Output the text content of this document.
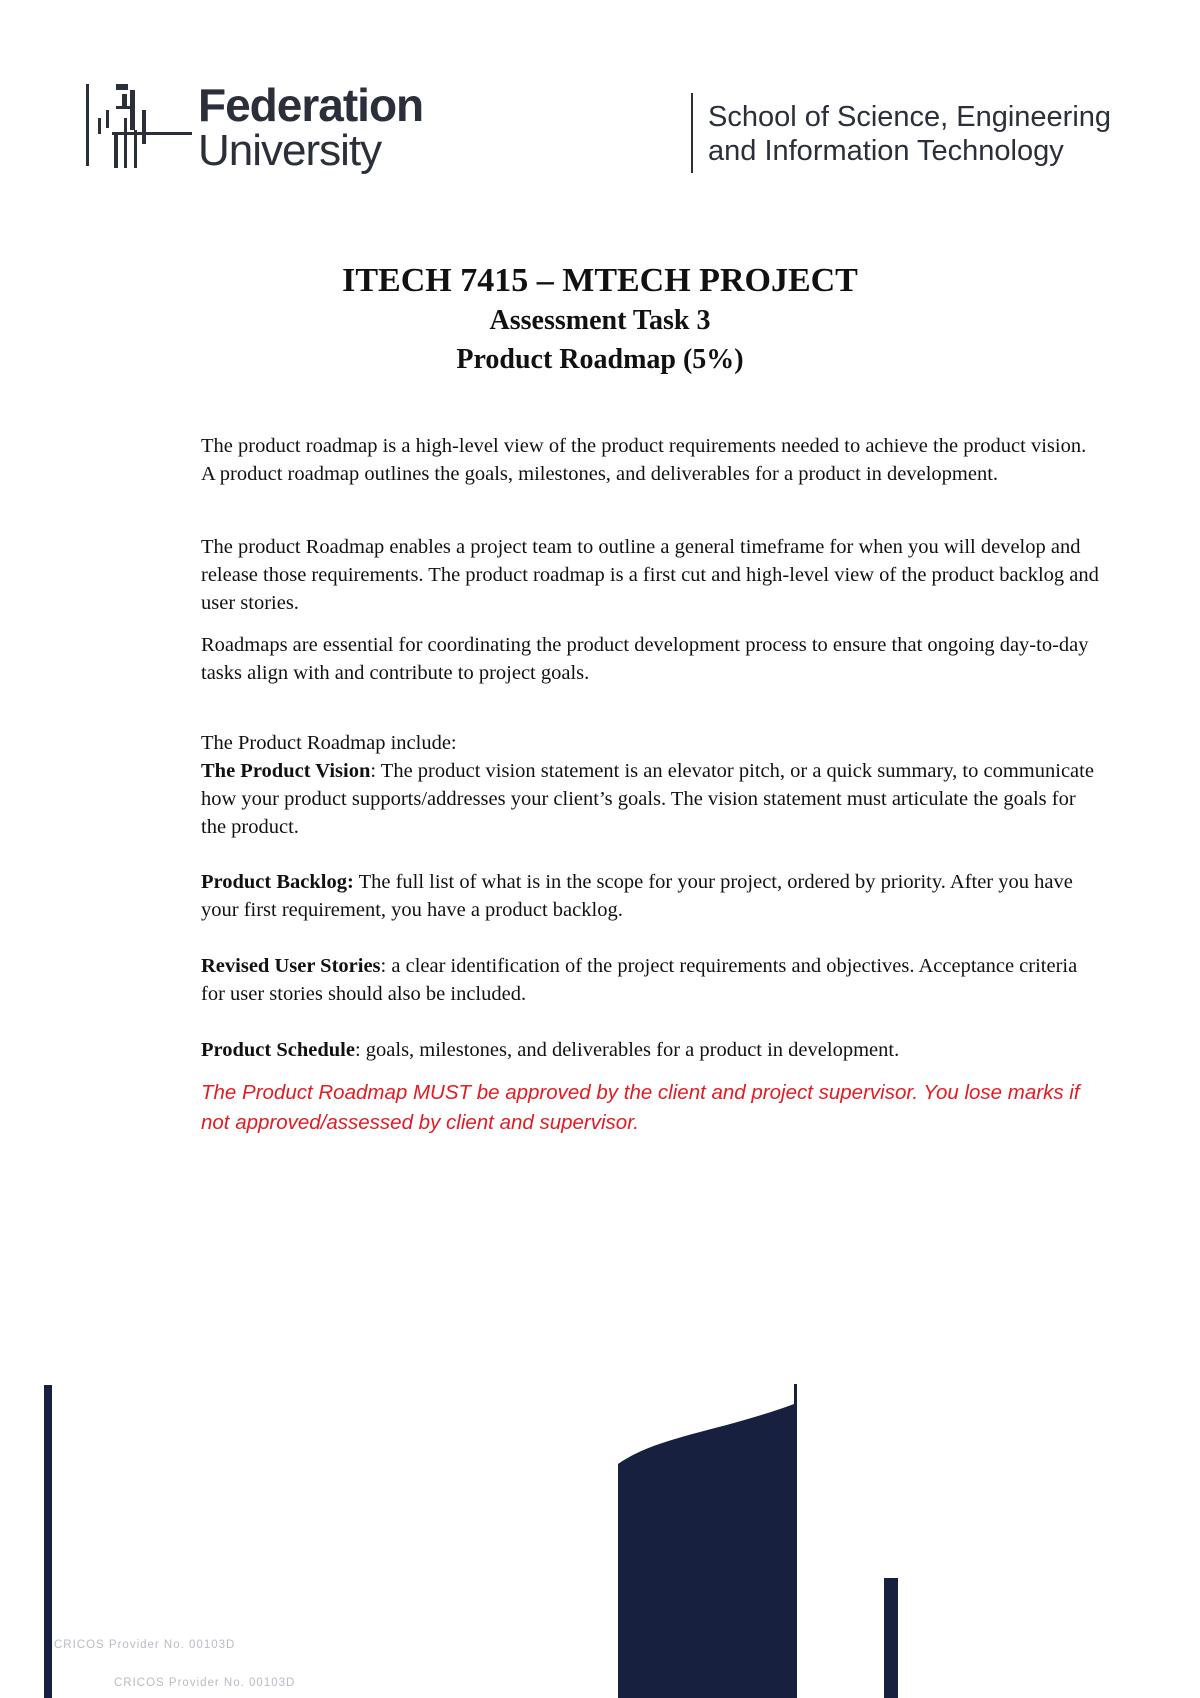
Federation
University
School of Science, Engineering
and Information Technology
ITECH 7415 – MTECH PROJECT
Assessment Task 3
Product Roadmap (5%)

The product roadmap is a high-level view of the product requirements needed to achieve the product vision. A product roadmap outlines the goals, milestones, and deliverables for a product in development.

The product Roadmap enables a project team to outline a general timeframe for when you will develop and release those requirements. The product roadmap is a first cut and high-level view of the product backlog and user stories.

Roadmaps are essential for coordinating the product development process to ensure that ongoing day-to-day tasks align with and contribute to project goals.

The Product Roadmap include:
The Product Vision: The product vision statement is an elevator pitch, or a quick summary, to communicate how your product supports/addresses your client’s goals. The vision statement must articulate the goals for the product.

Product Backlog: The full list of what is in the scope for your project, ordered by priority. After you have your first requirement, you have a product backlog.

Revised User Stories: a clear identification of the project requirements and objectives. Acceptance criteria for user stories should also be included.

Product Schedule: goals, milestones, and deliverables for a product in development.

The Product Roadmap MUST be approved by the client and project supervisor. You lose marks if not approved/assessed by client and supervisor.

CRICOS Provider No. 00103D
CRICOS Provider No. 00103D
